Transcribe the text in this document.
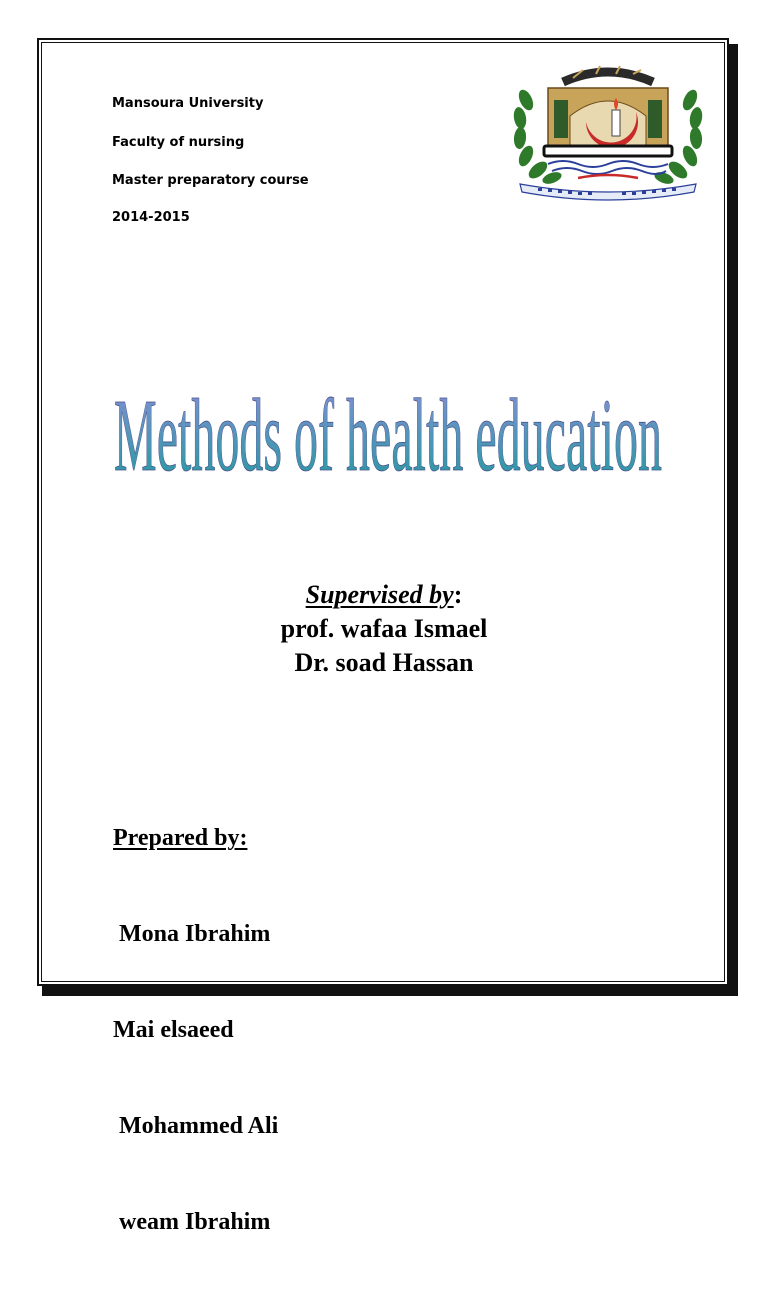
Mansoura University

Faculty of nursing

Master preparatory course

2014-2015

Methods of health education
Supervised by:
prof. wafaa Ismael
Dr. soad Hassan

Prepared by:

Mona Ibrahim

Mai elsaeed

Mohammed Ali

weam Ibrahim
